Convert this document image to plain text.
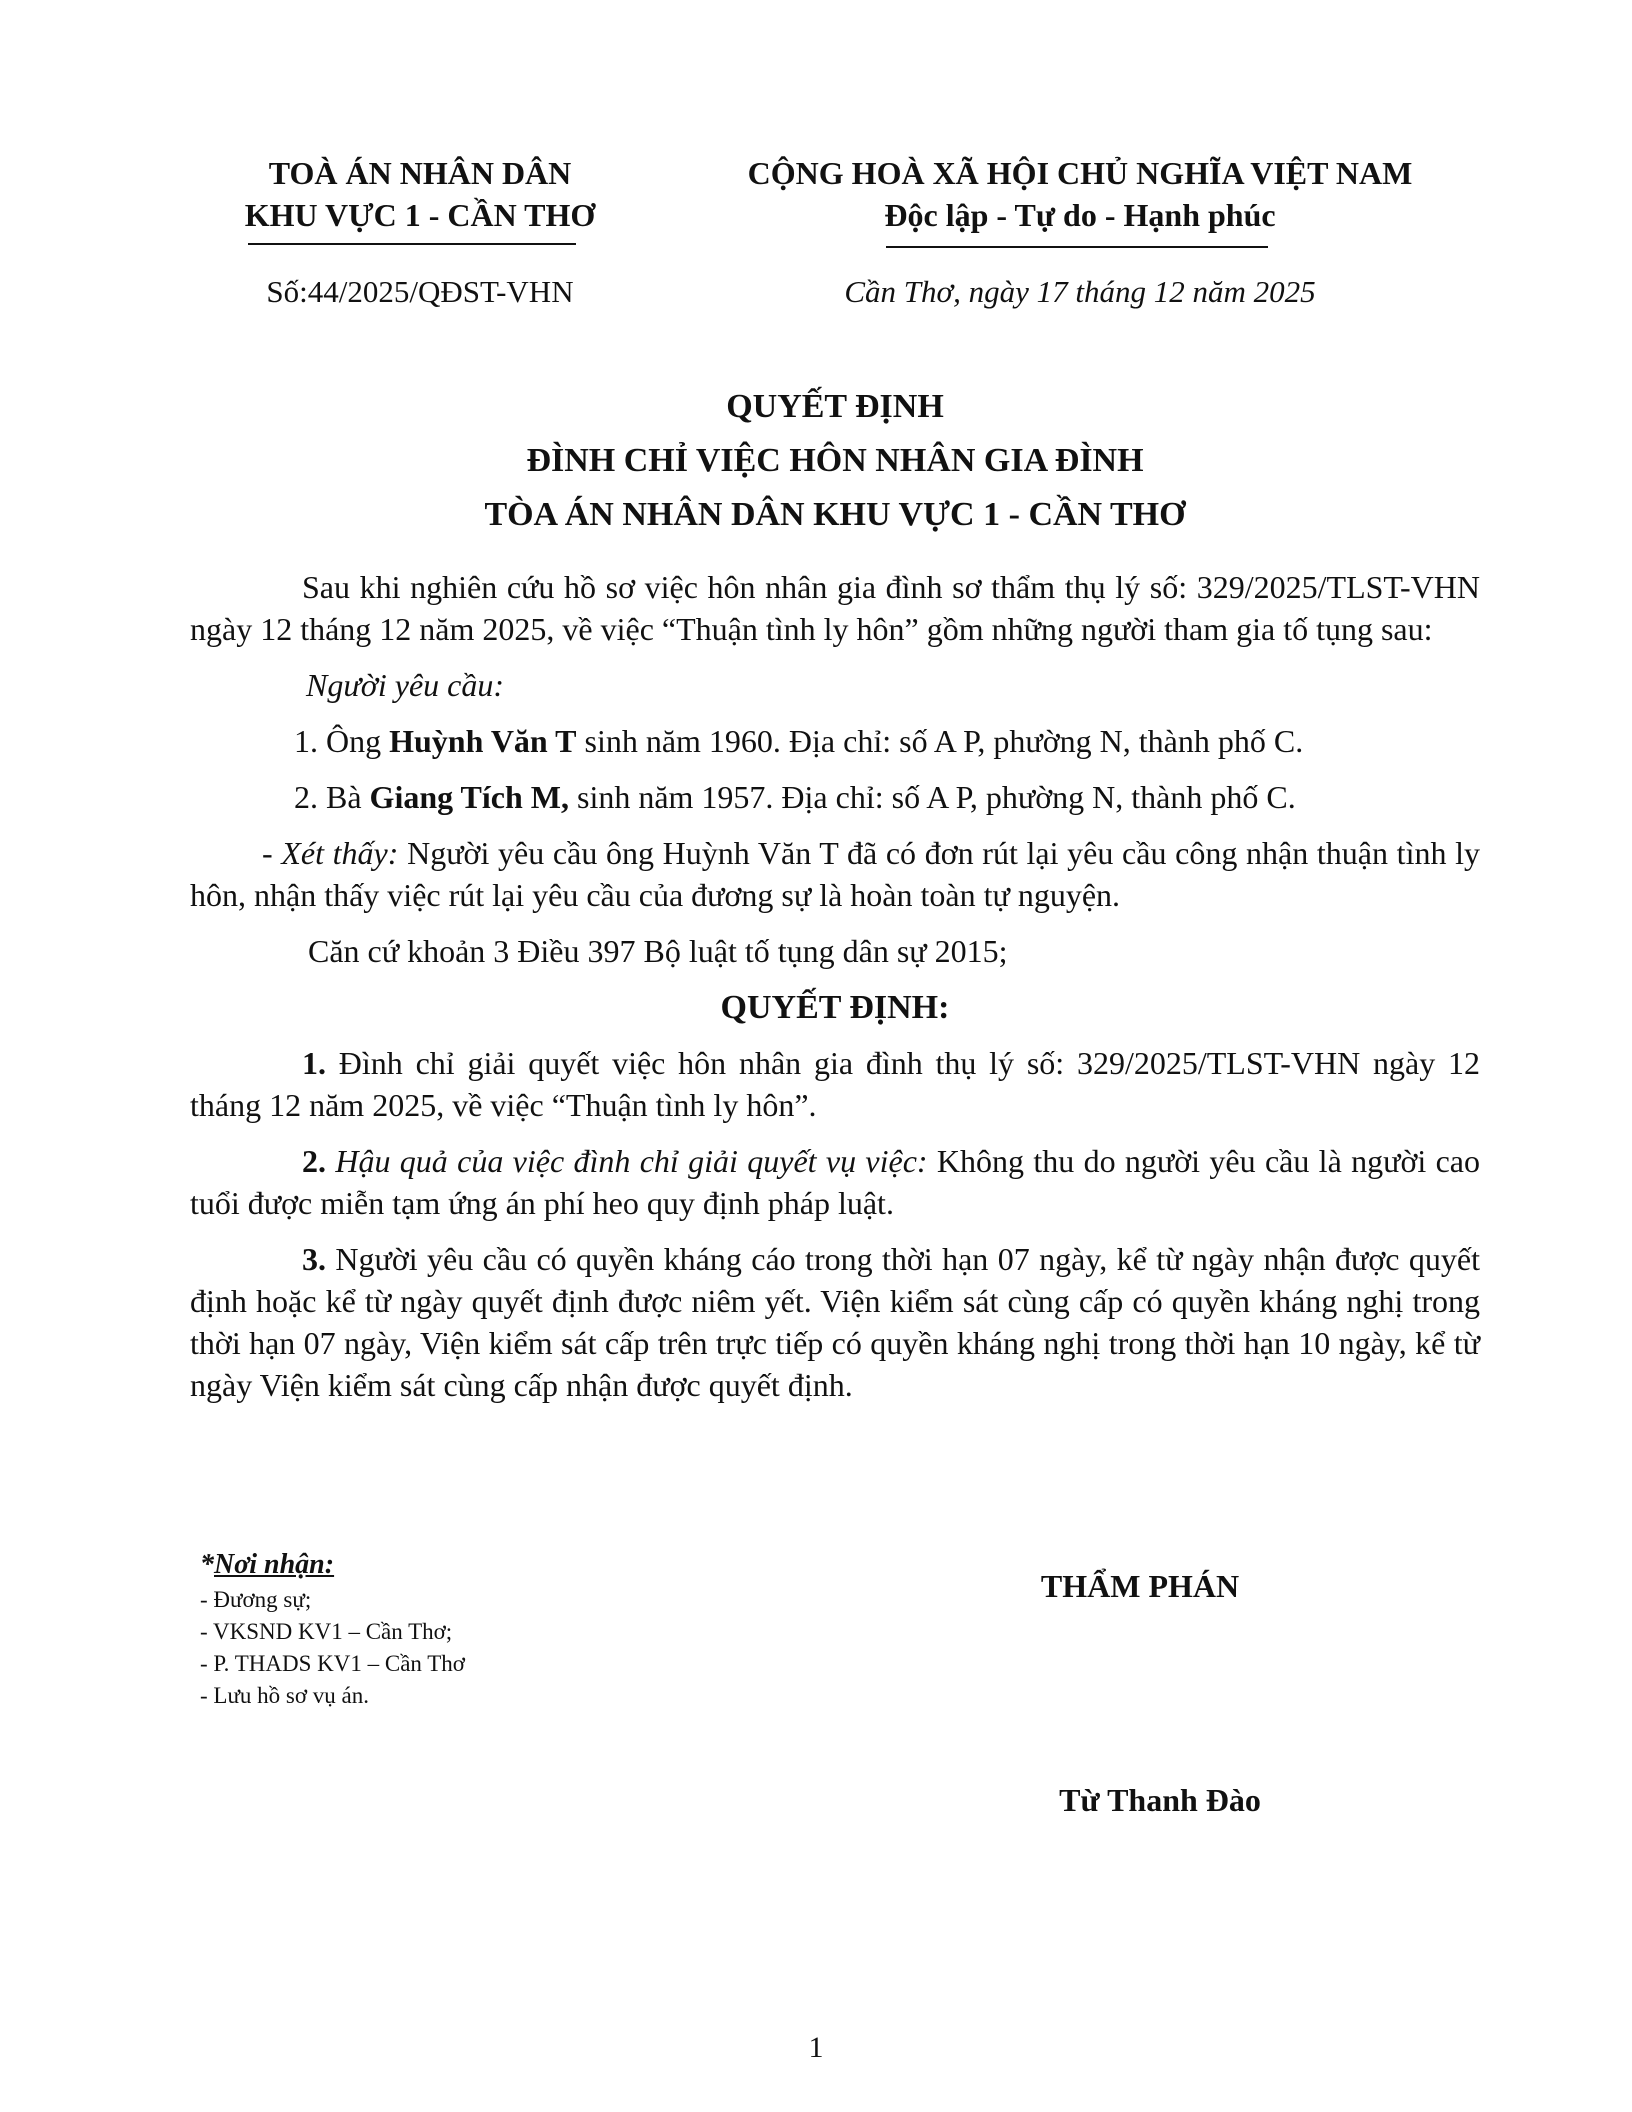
TOÀ ÁN NHÂN DÂN
KHU VỰC 1 - CẦN THƠ
CỘNG HOÀ XÃ HỘI CHỦ NGHĨA VIỆT NAM
Độc lập - Tự do - Hạnh phúc
Số:44/2025/QĐST-VHN	Cần Thơ, ngày 17 tháng 12 năm 2025
QUYẾT ĐỊNH
ĐÌNH CHỈ VIỆC HÔN NHÂN GIA ĐÌNH
TÒA ÁN NHÂN DÂN KHU VỰC 1 - CẦN THƠ

Sau khi nghiên cứu hồ sơ việc hôn nhân gia đình sơ thẩm thụ lý số: 329/2025/TLST-VHN ngày 12 tháng 12 năm 2025, về việc “Thuận tình ly hôn” gồm những người tham gia tố tụng sau:

Người yêu cầu:

1. Ông Huỳnh Văn T sinh năm 1960. Địa chỉ: số A P, phường N, thành phố C.

2. Bà Giang Tích M, sinh năm 1957. Địa chỉ: số A P, phường N, thành phố C.

- Xét thấy: Người yêu cầu ông Huỳnh Văn T đã có đơn rút lại yêu cầu công nhận thuận tình ly hôn, nhận thấy việc rút lại yêu cầu của đương sự là hoàn toàn tự nguyện.

Căn cứ khoản 3 Điều 397 Bộ luật tố tụng dân sự 2015;

QUYẾT ĐỊNH:

1. Đình chỉ giải quyết việc hôn nhân gia đình thụ lý số: 329/2025/TLST-VHN ngày 12 tháng 12 năm 2025, về việc “Thuận tình ly hôn”.

2. Hậu quả của việc đình chỉ giải quyết vụ việc: Không thu do người yêu cầu là người cao tuổi được miễn tạm ứng án phí heo quy định pháp luật.

3. Người yêu cầu có quyền kháng cáo trong thời hạn 07 ngày, kể từ ngày nhận được quyết định hoặc kể từ ngày quyết định được niêm yết. Viện kiểm sát cùng cấp có quyền kháng nghị trong thời hạn 07 ngày, Viện kiểm sát cấp trên trực tiếp có quyền kháng nghị trong thời hạn 10 ngày, kể từ ngày Viện kiểm sát cùng cấp nhận được quyết định.

*Nơi nhận:
- Đương sự;
- VKSND KV1 – Cần Thơ;
- P. THADS KV1 – Cần Thơ
- Lưu hồ sơ vụ án.
THẨM PHÁN
Từ Thanh Đào
1
